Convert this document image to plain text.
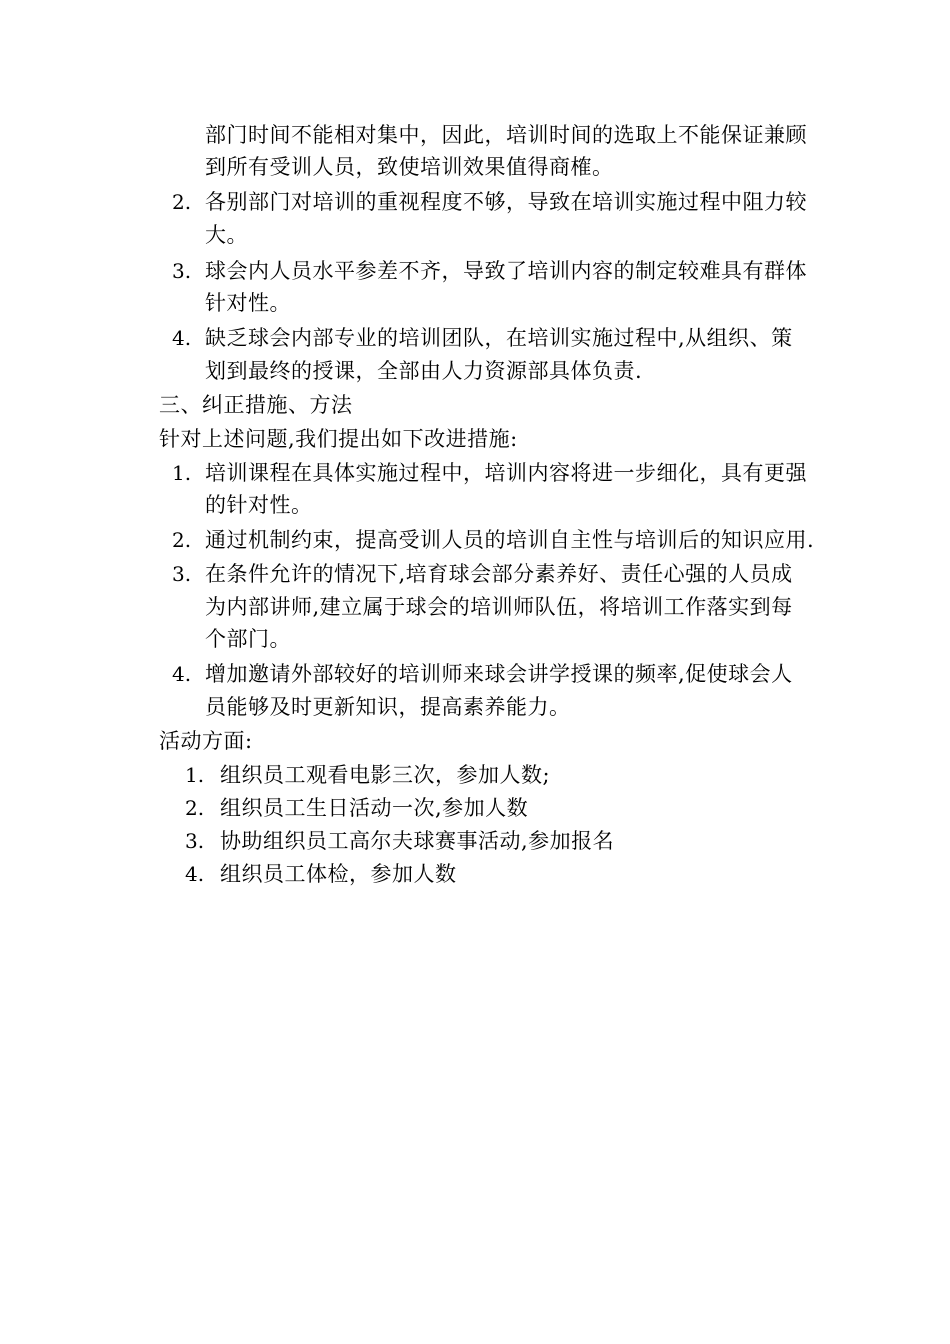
部门时间不能相对集中，因此，培训时间的选取上不能保证兼顾
到所有受训人员，致使培训效果值得商榷。
2. 各别部门对培训的重视程度不够，导致在培训实施过程中阻力较
大。
3. 球会内人员水平参差不齐，导致了培训内容的制定较难具有群体
针对性。
4. 缺乏球会内部专业的培训团队，在培训实施过程中,从组织、策
划到最终的授课，全部由人力资源部具体负责.
三、纠正措施、方法
针对上述问题,我们提出如下改进措施:
1. 培训课程在具体实施过程中，培训内容将进一步细化，具有更强
的针对性。
2. 通过机制约束，提高受训人员的培训自主性与培训后的知识应用.
3. 在条件允许的情况下,培育球会部分素养好、责任心强的人员成
为内部讲师,建立属于球会的培训师队伍，将培训工作落实到每
个部门。
4. 增加邀请外部较好的培训师来球会讲学授课的频率,促使球会人
员能够及时更新知识，提高素养能力。
活动方面:
1. 组织员工观看电影三次，参加人数;
2. 组织员工生日活动一次,参加人数
3. 协助组织员工高尔夫球赛事活动,参加报名
4. 组织员工体检，参加人数
